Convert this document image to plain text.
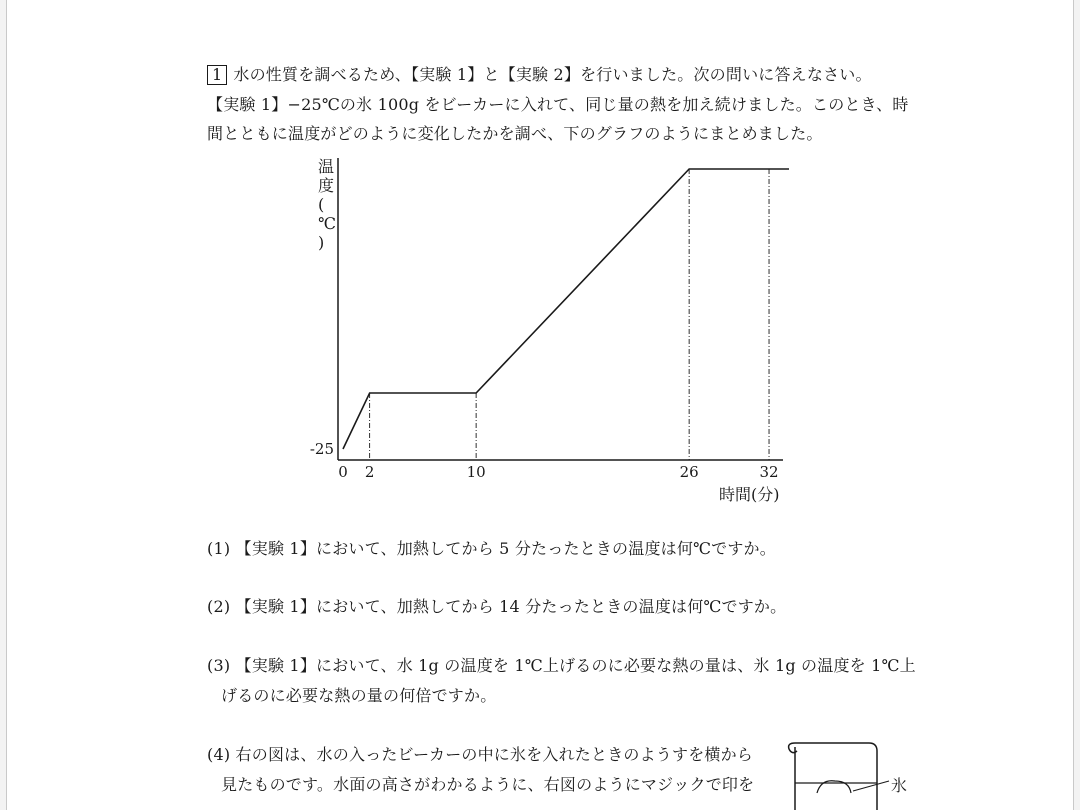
1 水の性質を調べるため、【実験 1】と【実験 2】を行いました。次の問いに答えなさい。
【実験 1】−25℃の氷 100g をビーカーに入れて、同じ量の熱を加え続けました。このとき、時
間とともに温度がどのように変化したかを調べ、下のグラフのようにまとめました。
温度( ℃ )
0 2	10	26	32
-25
時間(分)
(1) 【実験 1】において、加熱してから 5 分たったときの温度は何℃ですか。
(2) 【実験 1】において、加熱してから 14 分たったときの温度は何℃ですか。
(3) 【実験 1】において、水 1g の温度を 1℃上げるのに必要な熱の量は、氷 1g の温度を 1℃上
げるのに必要な熱の量の何倍ですか。
(4) 右の図は、水の入ったビーカーの中に氷を入れたときのようすを横から
見たものです。水面の高さがわかるように、右図のようにマジックで印を	氷
